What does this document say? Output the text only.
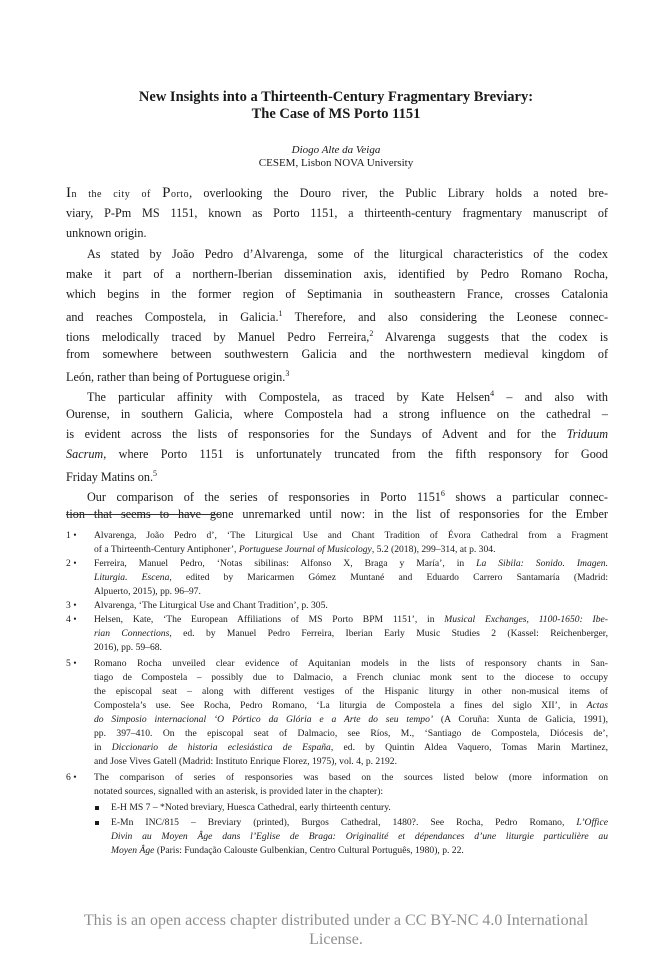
New Insights into a Thirteenth-Century Fragmentary Breviary:
The Case of MS Porto 1151
Diogo Alte da Veiga
CESEM, Lisbon NOVA University
In the city of Porto, overlooking the Douro river, the Public Library holds a noted bre-
viary, P-Pm MS 1151, known as Porto 1151, a thirteenth-century fragmentary manuscript of
unknown origin.
As stated by João Pedro d’Alvarenga, some of the liturgical characteristics of the codex
make it part of a northern-Iberian dissemination axis, identified by Pedro Romano Rocha,
which begins in the former region of Septimania in southeastern France, crosses Catalonia
and reaches Compostela, in Galicia.$^1$ Therefore, and also considering the Leonese connec-
tions melodically traced by Manuel Pedro Ferreira,$^2$ Alvarenga suggests that the codex is
from somewhere between southwestern Galicia and the northwestern medieval kingdom of
León, rather than being of Portuguese origin.$^3$
The particular affinity with Compostela, as traced by Kate Helsen$^4$ – and also with
Ourense, in southern Galicia, where Compostela had a strong influence on the cathedral –
is evident across the lists of responsories for the Sundays of Advent and for the Triduum
Sacrum, where Porto 1151 is unfortunately truncated from the fifth responsory for Good
Friday Matins on.$^5$
Our comparison of the series of responsories in Porto 1151$^6$ shows a particular connec-
tion that seems to have gone unremarked until now: in the list of responsories for the Ember
1 • Alvarenga, João Pedro d’, ‘The Liturgical Use and Chant Tradition of Évora Cathedral from a Fragment
of a Thirteenth-Century Antiphoner’, Portuguese Journal of Musicology, 5.2 (2018), 299–314, at p. 304.
2 • Ferreira, Manuel Pedro, ‘Notas sibilinas: Alfonso X, Braga y María’, in La Sibila: Sonido. Imagen.
Liturgia. Escena, edited by Maricarmen Gómez Muntané and Eduardo Carrero Santamaría (Madrid:
Alpuerto, 2015), pp. 96–97.
3 • Alvarenga, ‘The Liturgical Use and Chant Tradition’, p. 305.
4 • Helsen, Kate, ‘The European Affiliations of MS Porto BPM 1151’, in Musical Exchanges, 1100-1650: Ibe-
rian Connections, ed. by Manuel Pedro Ferreira, Iberian Early Music Studies 2 (Kassel: Reichenberger,
2016), pp. 59–68.
5 • Romano Rocha unveiled clear evidence of Aquitanian models in the lists of responsory chants in San-
tiago de Compostela – possibly due to Dalmacio, a French cluniac monk sent to the diocese to occupy
the episcopal seat – along with different vestiges of the Hispanic liturgy in other non-musical items of
Compostela’s use. See Rocha, Pedro Romano, ‘La liturgia de Compostela a fines del siglo XII’, in Actas
do Simposio internacional ‘O Pórtico da Glória e a Arte do seu tempo’ (A Coruña: Xunta de Galicia, 1991),
pp. 397–410. On the episcopal seat of Dalmacio, see Ríos, M., ‘Santiago de Compostela, Diócesis de’,
in Diccionario de historia eclesiástica de España, ed. by Quintin Aldea Vaquero, Tomas Marin Martinez,
and Jose Vives Gatell (Madrid: Instituto Enrique Florez, 1975), vol. 4, p. 2192.
6 • The comparison of series of responsories was based on the sources listed below (more information on
notated sources, signalled with an asterisk, is provided later in the chapter):
E-H MS 7 – *Noted breviary, Huesca Cathedral, early thirteenth century.
E-Mn INC/815 – Breviary (printed), Burgos Cathedral, 1480?. See Rocha, Pedro Romano, L’Office
Divin au Moyen Âge dans l’Eglise de Braga: Originalité et dépendances d’une liturgie particulière au
Moyen Âge (Paris: Fundação Calouste Gulbenkian, Centro Cultural Português, 1980), p. 22.
This is an open access chapter distributed under a CC BY-NC 4.0 International
License.
